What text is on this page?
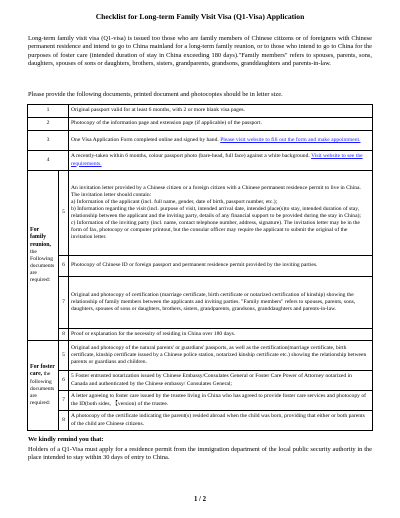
Checklist for Long-term Family Visit Visa (Q1-Visa) Application
Long-term family visit visa (Q1-visa) is issued too those who are family members of Chinese citizens or of foreigners with Chinese permanent residence and intend to go to China mainland for a long-term family reunion, or to those who intend to go to China for the purposes of foster care (intended duration of stay in China exceeding 180 days)."Family members" refers to spouses, parents, sons, daughters, spouses of sons or daughters, brothers, sisters, grandparents, grandsons, granddaughters and parents-in-law.
Please provide the following documents, printed document and photocopies should be in letter size.
1		Original passport valid for at least 6 months, with 2 or more blank visa pages.
2		Photocopy of the information page and extension page (if applicable) of the passport.
3		One Visa Application Form completed online and signed by hand. Please visit website to fill out the form and make appointment.
4		A recently-taken within 6 months, colour passport photo (bare-head, full face) against a white background. Visit website to see the requirements.
For family reunion, the Following documents are required:	5	An invitation letter provided by a Chinese citizen or a foreign citizen with a Chinese permanent residence permit to live in China. The invitation letter should contain:
a) Information of the applicant (incl. full name, gender, date of birth, passport number, etc.);
b) Information regarding the visit (incl. purpose of visit, intended arrival date, intended place(s)to stay, intended duration of stay, relationship between the applicant and the inviting party, details of any financial support to be provided during the stay in China);
c) Information of the inviting party (incl. name, contact telephone number, address, signature). The invitation letter may be in the form of fax, photocopy or computer printout, but the consular officer may require the applicant to submit the original of the invitation letter.
	6	Photocopy of Chinese ID or foreign passport and permanent residence permit provided by the inviting parties.
	7	Original and photocopy of certification (marriage certificate, birth certificate or notarized certification of kinship) showing the relationship of family members between the applicants and inviting parties. "Family members" refers to spouses, parents, sons, daughters, spouses of sons or daughters, brothers, sisters, grandparents, grandsons, granddaughters and parents-in-law.
	8	Proof or explanation for the necessity of residing in China over 180 days.
For foster care, the following documents are required:	5	Original and photocopy of the natural parents' or guardians' passports, as well as the certification(marriage certificate, birth certificate, kinship certificate issued by a Chinese police station, notarized kinship certificate etc.) showing the relationship between parents or guardians and children.
	6	5 Foster entrusted notarization issued by Chinese Embassy/Consulates General or Foster Care Power of Attorney notarized in Canada and authenticated by the Chinese embassy/ Consulates General;
	7	A letter agreeing to foster care issued by the trustee living in China who has agreed to provide foster care services and photocopy of the ID(both sides, 【version) of the trustee.
	8	A photocopy of the certificate indicating the parent(s) resided abroad when the child was born, providing that either or both parents of the child are Chinese citizens.
We kindly remind you that:
Holders of a Q1-Visa must apply for a residence permit from the immigration department of the local public security authority in the place intended to stay within 30 days of entry to China.
1 / 2
